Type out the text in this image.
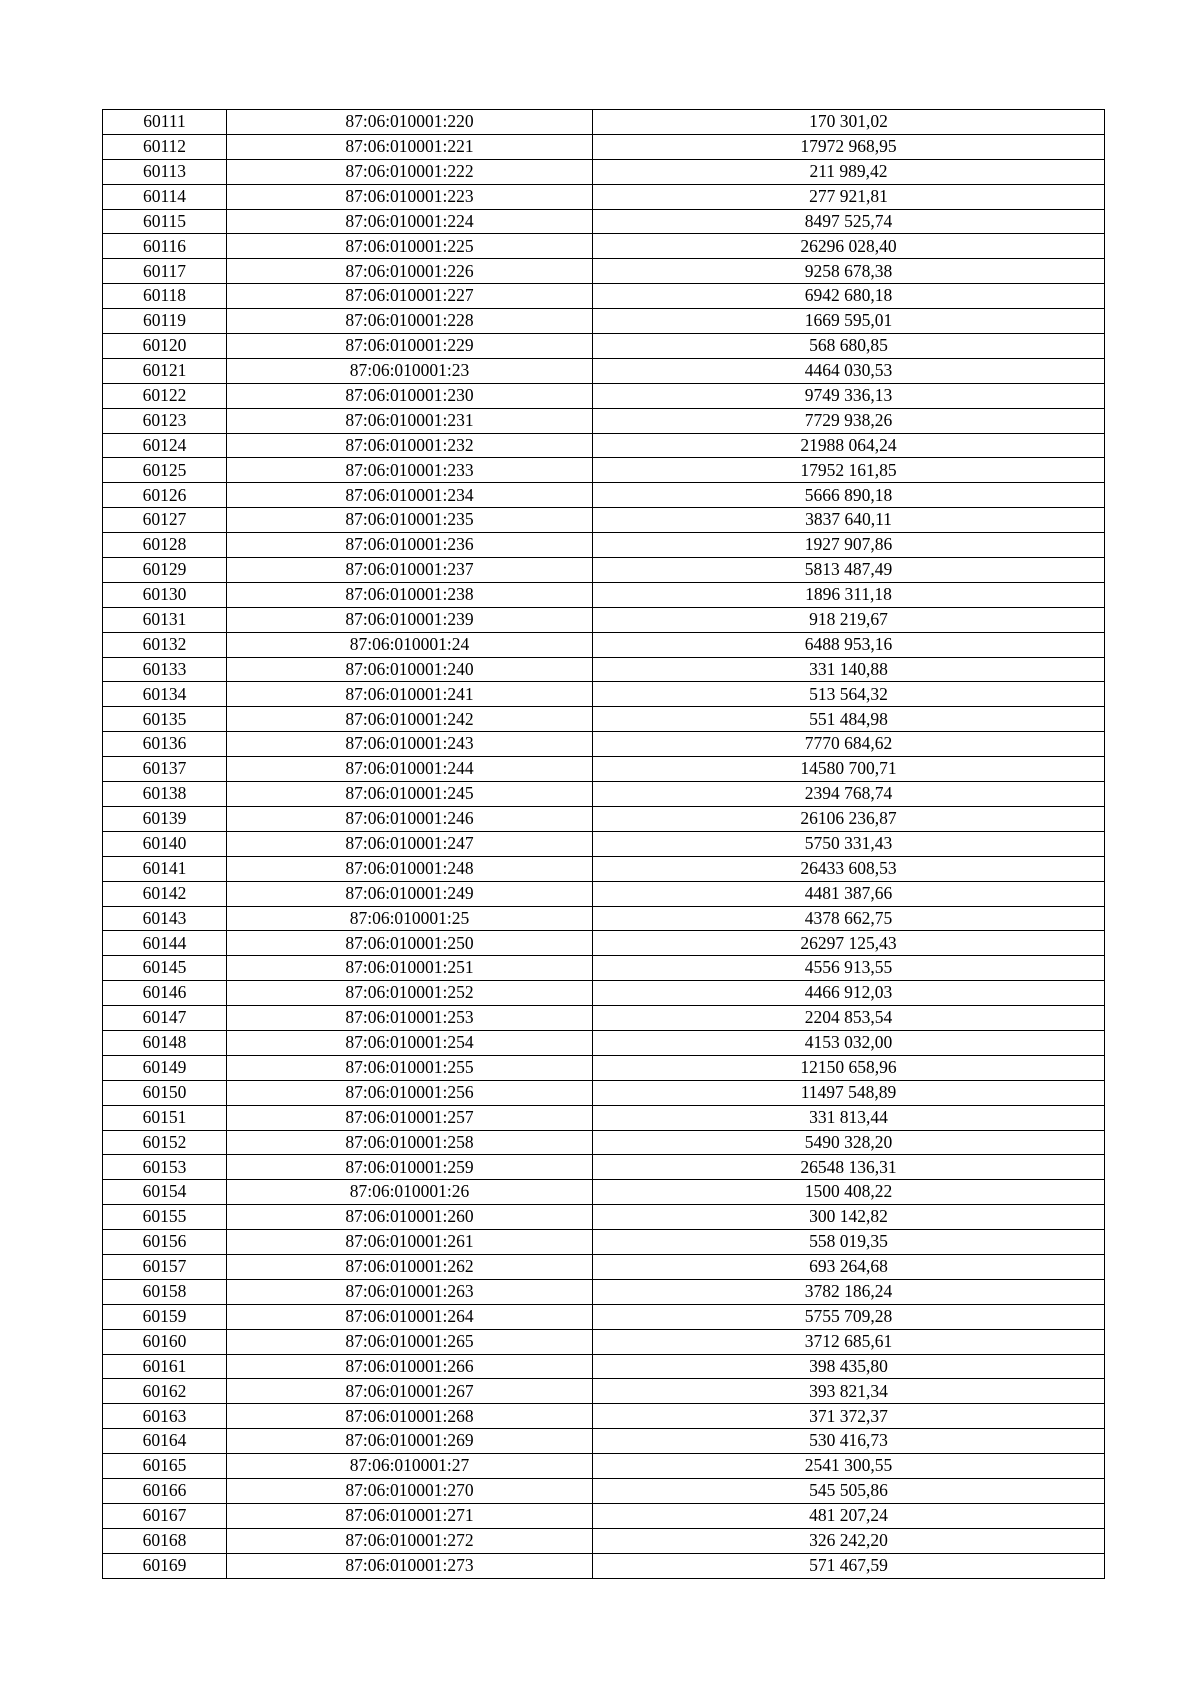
60111	87:06:010001:220	170 301,02
60112	87:06:010001:221	17972 968,95
60113	87:06:010001:222	211 989,42
60114	87:06:010001:223	277 921,81
60115	87:06:010001:224	8497 525,74
60116	87:06:010001:225	26296 028,40
60117	87:06:010001:226	9258 678,38
60118	87:06:010001:227	6942 680,18
60119	87:06:010001:228	1669 595,01
60120	87:06:010001:229	568 680,85
60121	87:06:010001:23	4464 030,53
60122	87:06:010001:230	9749 336,13
60123	87:06:010001:231	7729 938,26
60124	87:06:010001:232	21988 064,24
60125	87:06:010001:233	17952 161,85
60126	87:06:010001:234	5666 890,18
60127	87:06:010001:235	3837 640,11
60128	87:06:010001:236	1927 907,86
60129	87:06:010001:237	5813 487,49
60130	87:06:010001:238	1896 311,18
60131	87:06:010001:239	918 219,67
60132	87:06:010001:24	6488 953,16
60133	87:06:010001:240	331 140,88
60134	87:06:010001:241	513 564,32
60135	87:06:010001:242	551 484,98
60136	87:06:010001:243	7770 684,62
60137	87:06:010001:244	14580 700,71
60138	87:06:010001:245	2394 768,74
60139	87:06:010001:246	26106 236,87
60140	87:06:010001:247	5750 331,43
60141	87:06:010001:248	26433 608,53
60142	87:06:010001:249	4481 387,66
60143	87:06:010001:25	4378 662,75
60144	87:06:010001:250	26297 125,43
60145	87:06:010001:251	4556 913,55
60146	87:06:010001:252	4466 912,03
60147	87:06:010001:253	2204 853,54
60148	87:06:010001:254	4153 032,00
60149	87:06:010001:255	12150 658,96
60150	87:06:010001:256	11497 548,89
60151	87:06:010001:257	331 813,44
60152	87:06:010001:258	5490 328,20
60153	87:06:010001:259	26548 136,31
60154	87:06:010001:26	1500 408,22
60155	87:06:010001:260	300 142,82
60156	87:06:010001:261	558 019,35
60157	87:06:010001:262	693 264,68
60158	87:06:010001:263	3782 186,24
60159	87:06:010001:264	5755 709,28
60160	87:06:010001:265	3712 685,61
60161	87:06:010001:266	398 435,80
60162	87:06:010001:267	393 821,34
60163	87:06:010001:268	371 372,37
60164	87:06:010001:269	530 416,73
60165	87:06:010001:27	2541 300,55
60166	87:06:010001:270	545 505,86
60167	87:06:010001:271	481 207,24
60168	87:06:010001:272	326 242,20
60169	87:06:010001:273	571 467,59
